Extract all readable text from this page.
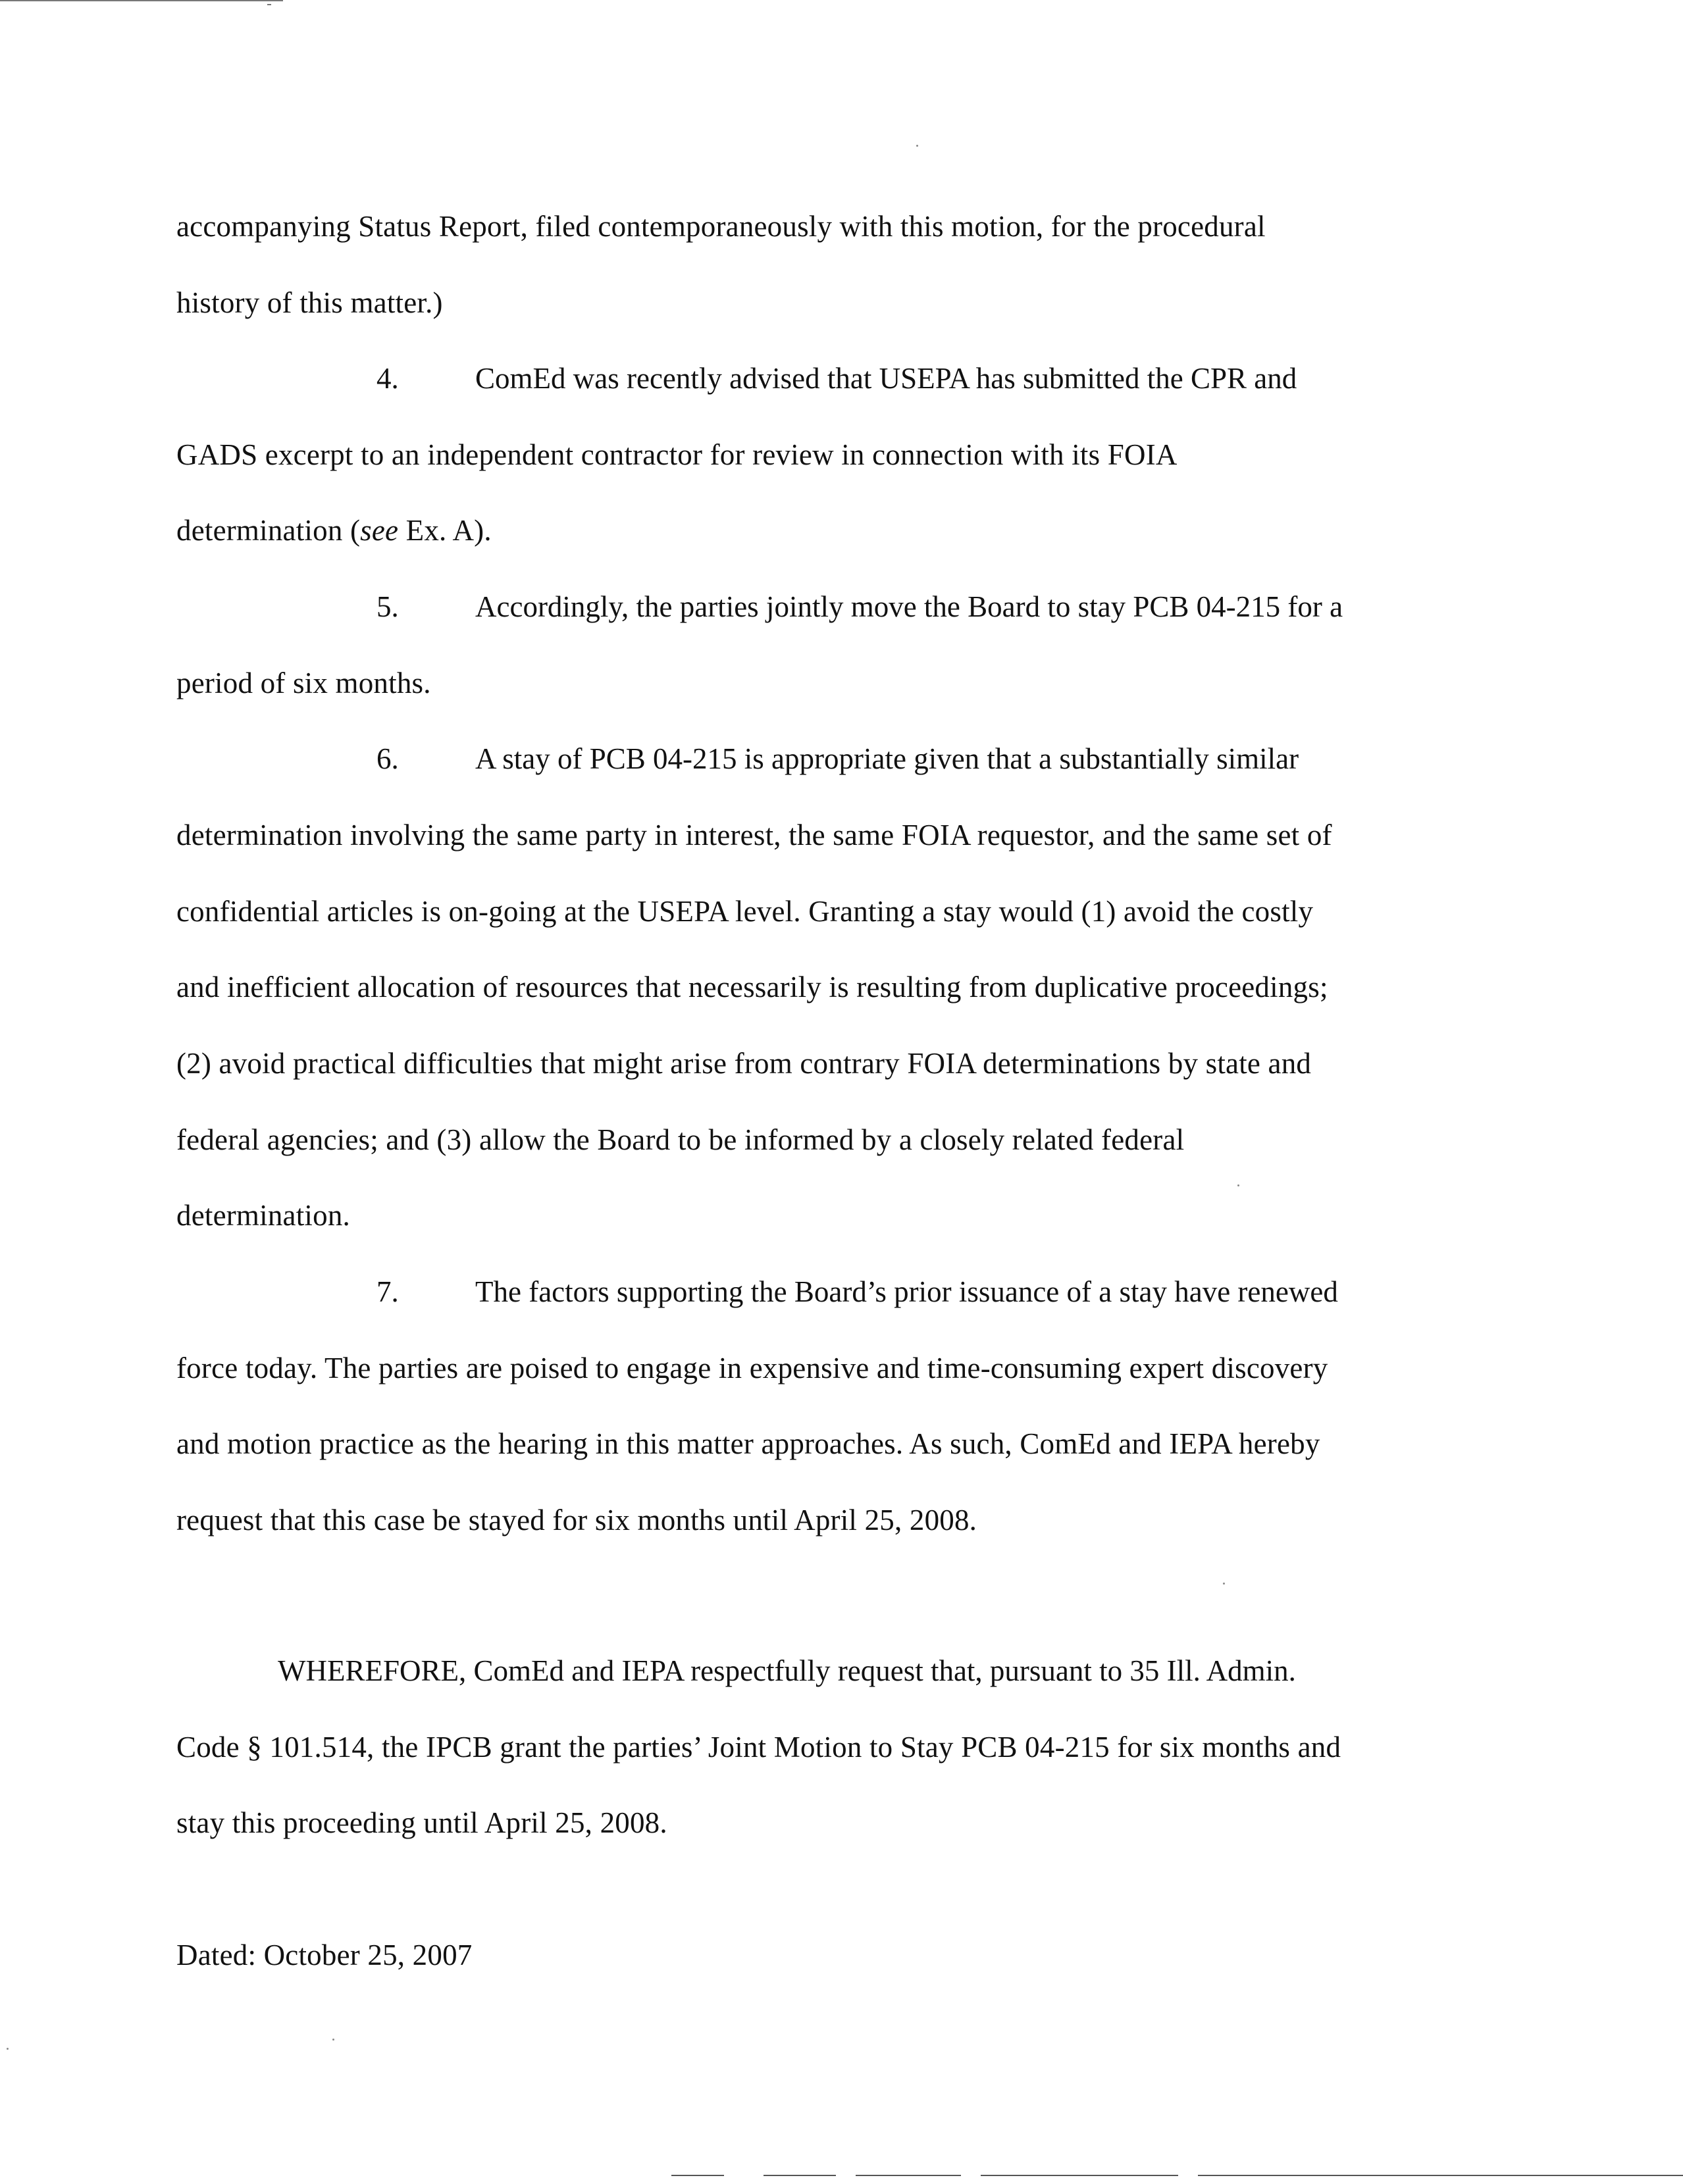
accompanying Status Report, filed contemporaneously with this motion, for the procedural
history of this matter.)
4.	ComEd was recently advised that USEPA has submitted the CPR and
GADS excerpt to an independent contractor for review in connection with its FOIA
determination (see Ex. A).
5.	Accordingly, the parties jointly move the Board to stay PCB 04-215 for a
period of six months.
6.	A stay of PCB 04-215 is appropriate given that a substantially similar
determination involving the same party in interest, the same FOIA requestor, and the same set of
confidential articles is on-going at the USEPA level. Granting a stay would (1) avoid the costly
and inefficient allocation of resources that necessarily is resulting from duplicative proceedings;
(2) avoid practical difficulties that might arise from contrary FOIA determinations by state and
federal agencies; and (3) allow the Board to be informed by a closely related federal
determination.
7.	The factors supporting the Board’s prior issuance of a stay have renewed
force today. The parties are poised to engage in expensive and time-consuming expert discovery
and motion practice as the hearing in this matter approaches. As such, ComEd and IEPA hereby
request that this case be stayed for six months until April 25, 2008.
WHEREFORE, ComEd and IEPA respectfully request that, pursuant to 35 Ill. Admin.
Code § 101.514, the IPCB grant the parties’ Joint Motion to Stay PCB 04-215 for six months and
stay this proceeding until April 25, 2008.
Dated: October 25, 2007
